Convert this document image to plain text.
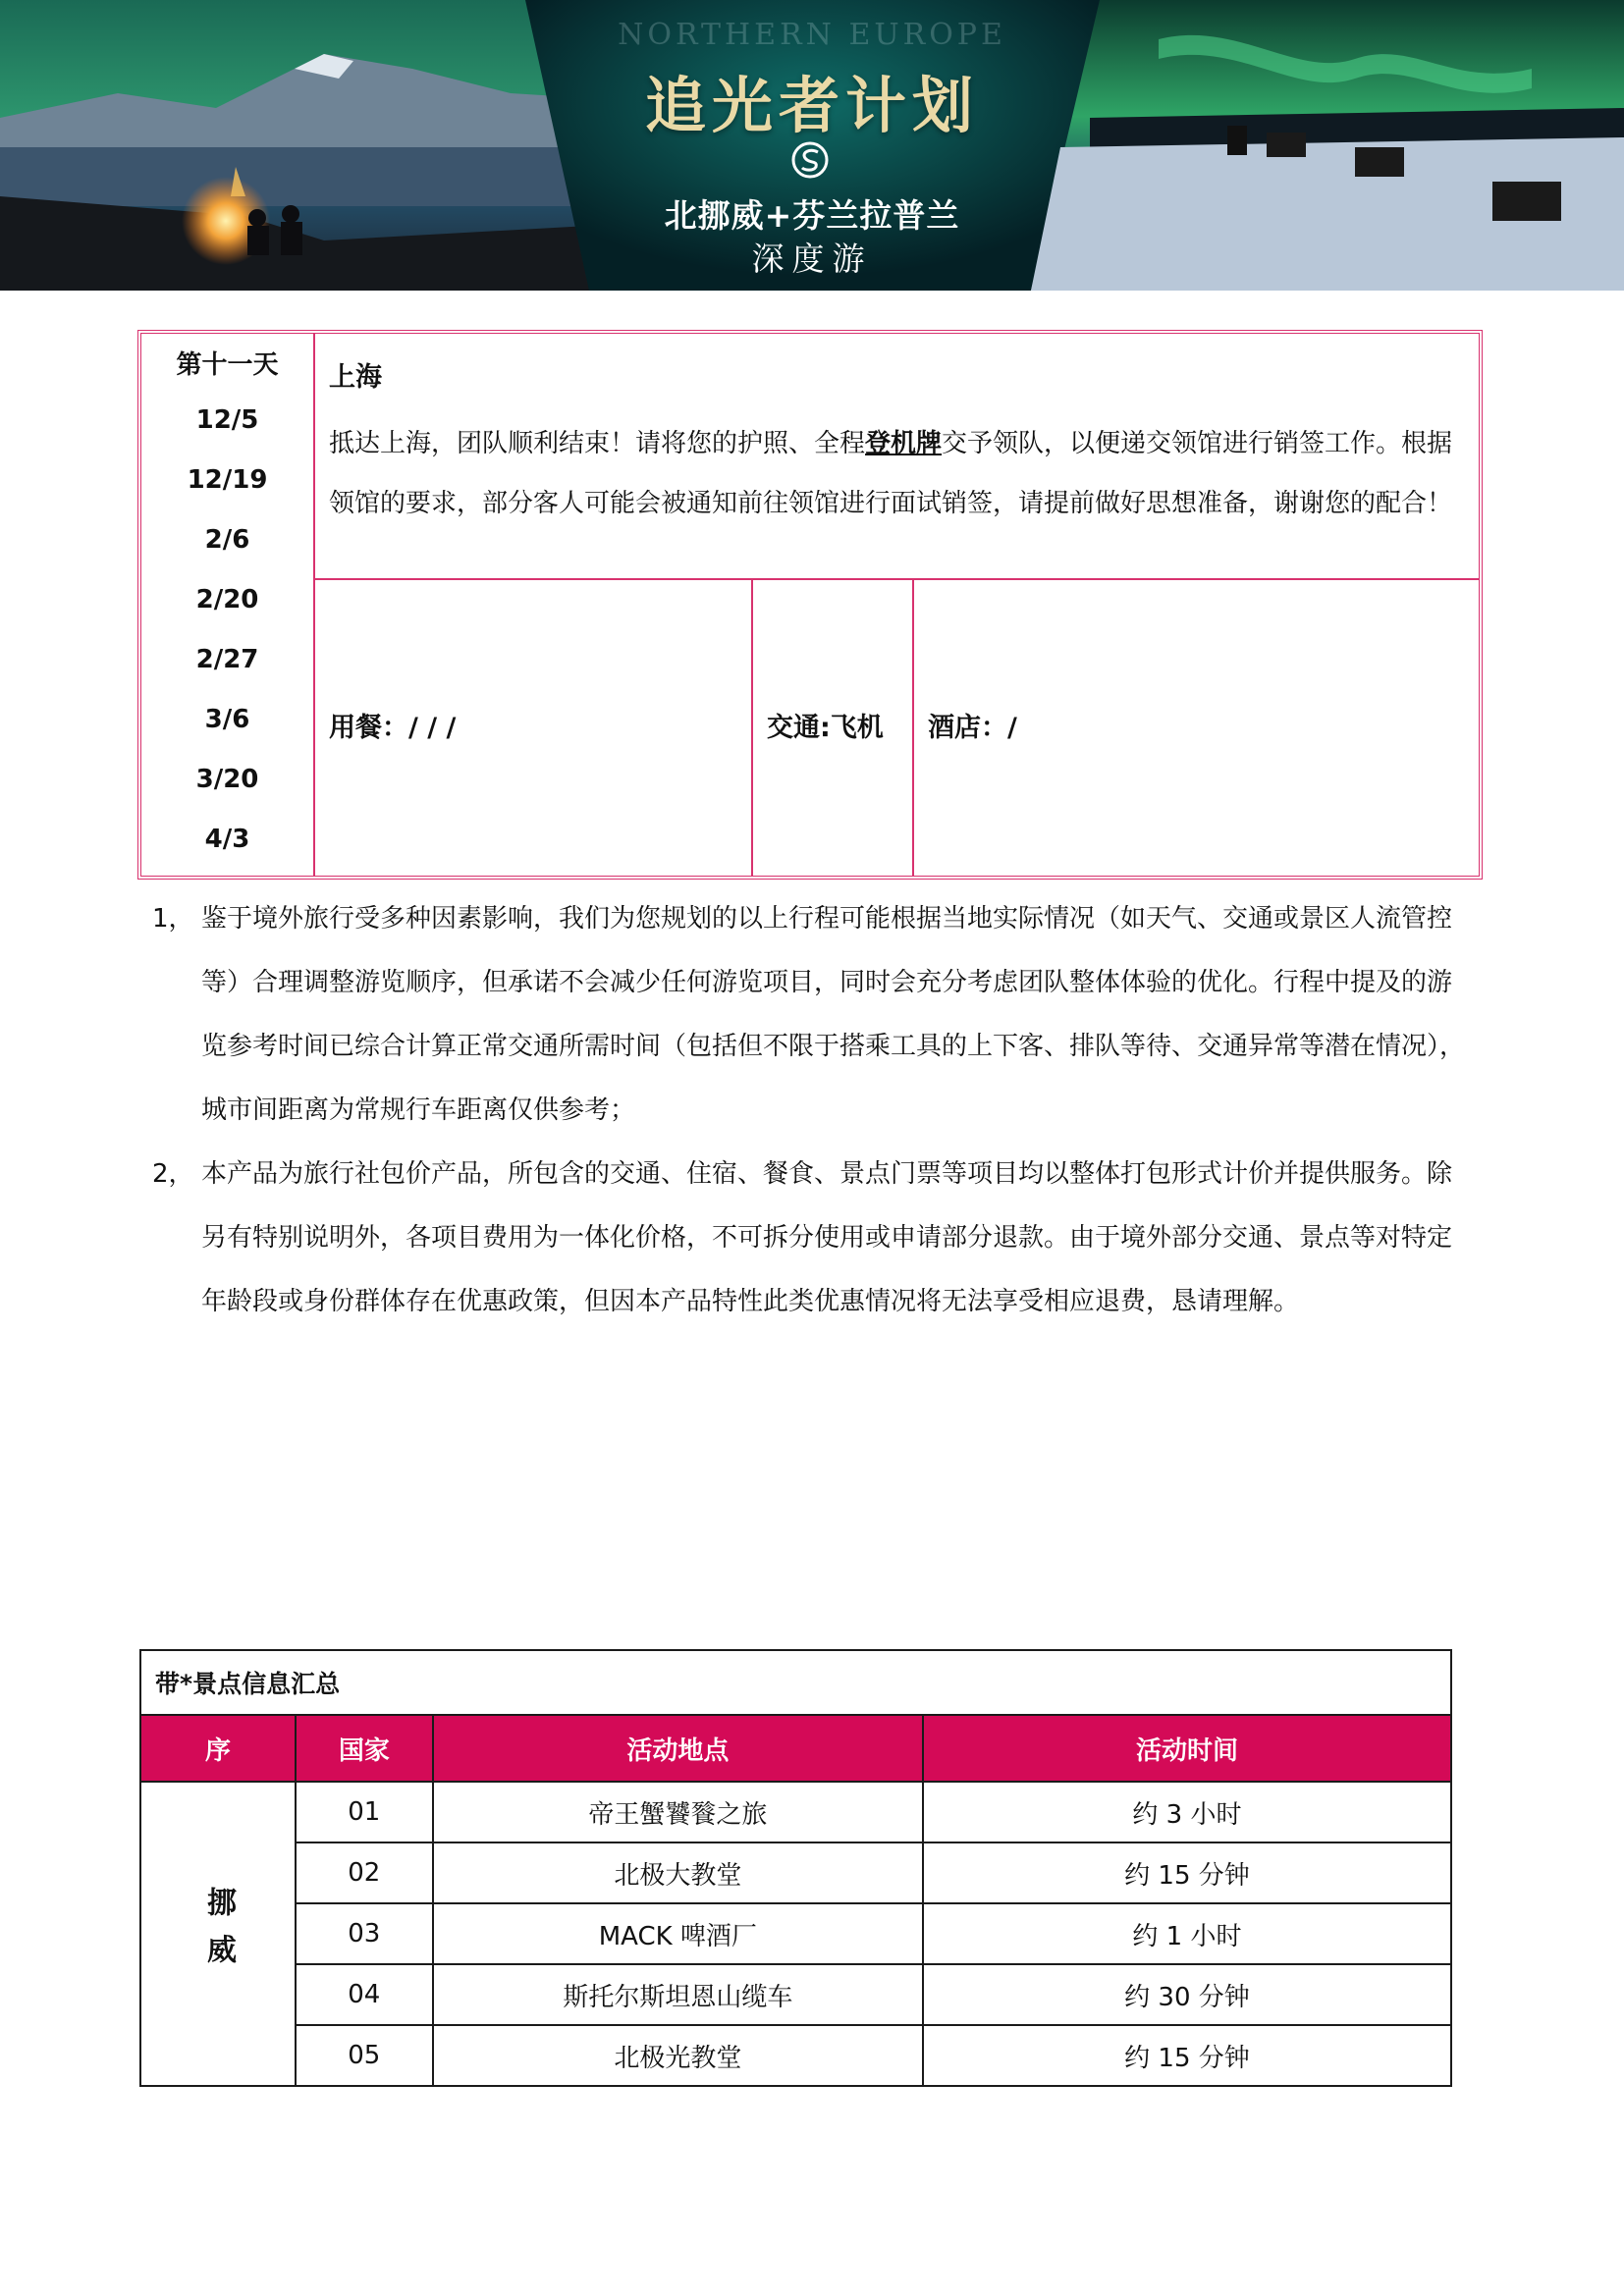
NORTHERN EUROPE
追光者计划
北挪威+芬兰拉普兰
深度游
第十一天
12/5
12/19
2/6
2/20
2/27
3/6
3/20
4/3
上海
抵达上海，团队顺利结束！请将您的护照、全程登机牌交予领队，以便递交领馆进行销签工作。根据领馆的要求，部分客人可能会被通知前往领馆进行面试销签，请提前做好思想准备，谢谢您的配合！
用餐：/ / /	交通:飞机	酒店：/
1， 鉴于境外旅行受多种因素影响，我们为您规划的以上行程可能根据当地实际情况（如天气、交通或景区人流管控等）合理调整游览顺序，但承诺不会减少任何游览项目，同时会充分考虑团队整体体验的优化。行程中提及的游览参考时间已综合计算正常交通所需时间（包括但不限于搭乘工具的上下客、排队等待、交通异常等潜在情况），城市间距离为常规行车距离仅供参考；
2， 本产品为旅行社包价产品，所包含的交通、住宿、餐食、景点门票等项目均以整体打包形式计价并提供服务。除另有特别说明外，各项目费用为一体化价格，不可拆分使用或申请部分退款。由于境外部分交通、景点等对特定年龄段或身份群体存在优惠政策，但因本产品特性此类优惠情况将无法享受相应退费，恳请理解。
带*景点信息汇总			
序	国家	活动地点	活动时间
挪威	01	帝王蟹饕餮之旅	约 3 小时
	02	北极大教堂	约 15 分钟
	03	MACK 啤酒厂	约 1 小时
	04	斯托尔斯坦恩山缆车	约 30 分钟
	05	北极光教堂	约 15 分钟
